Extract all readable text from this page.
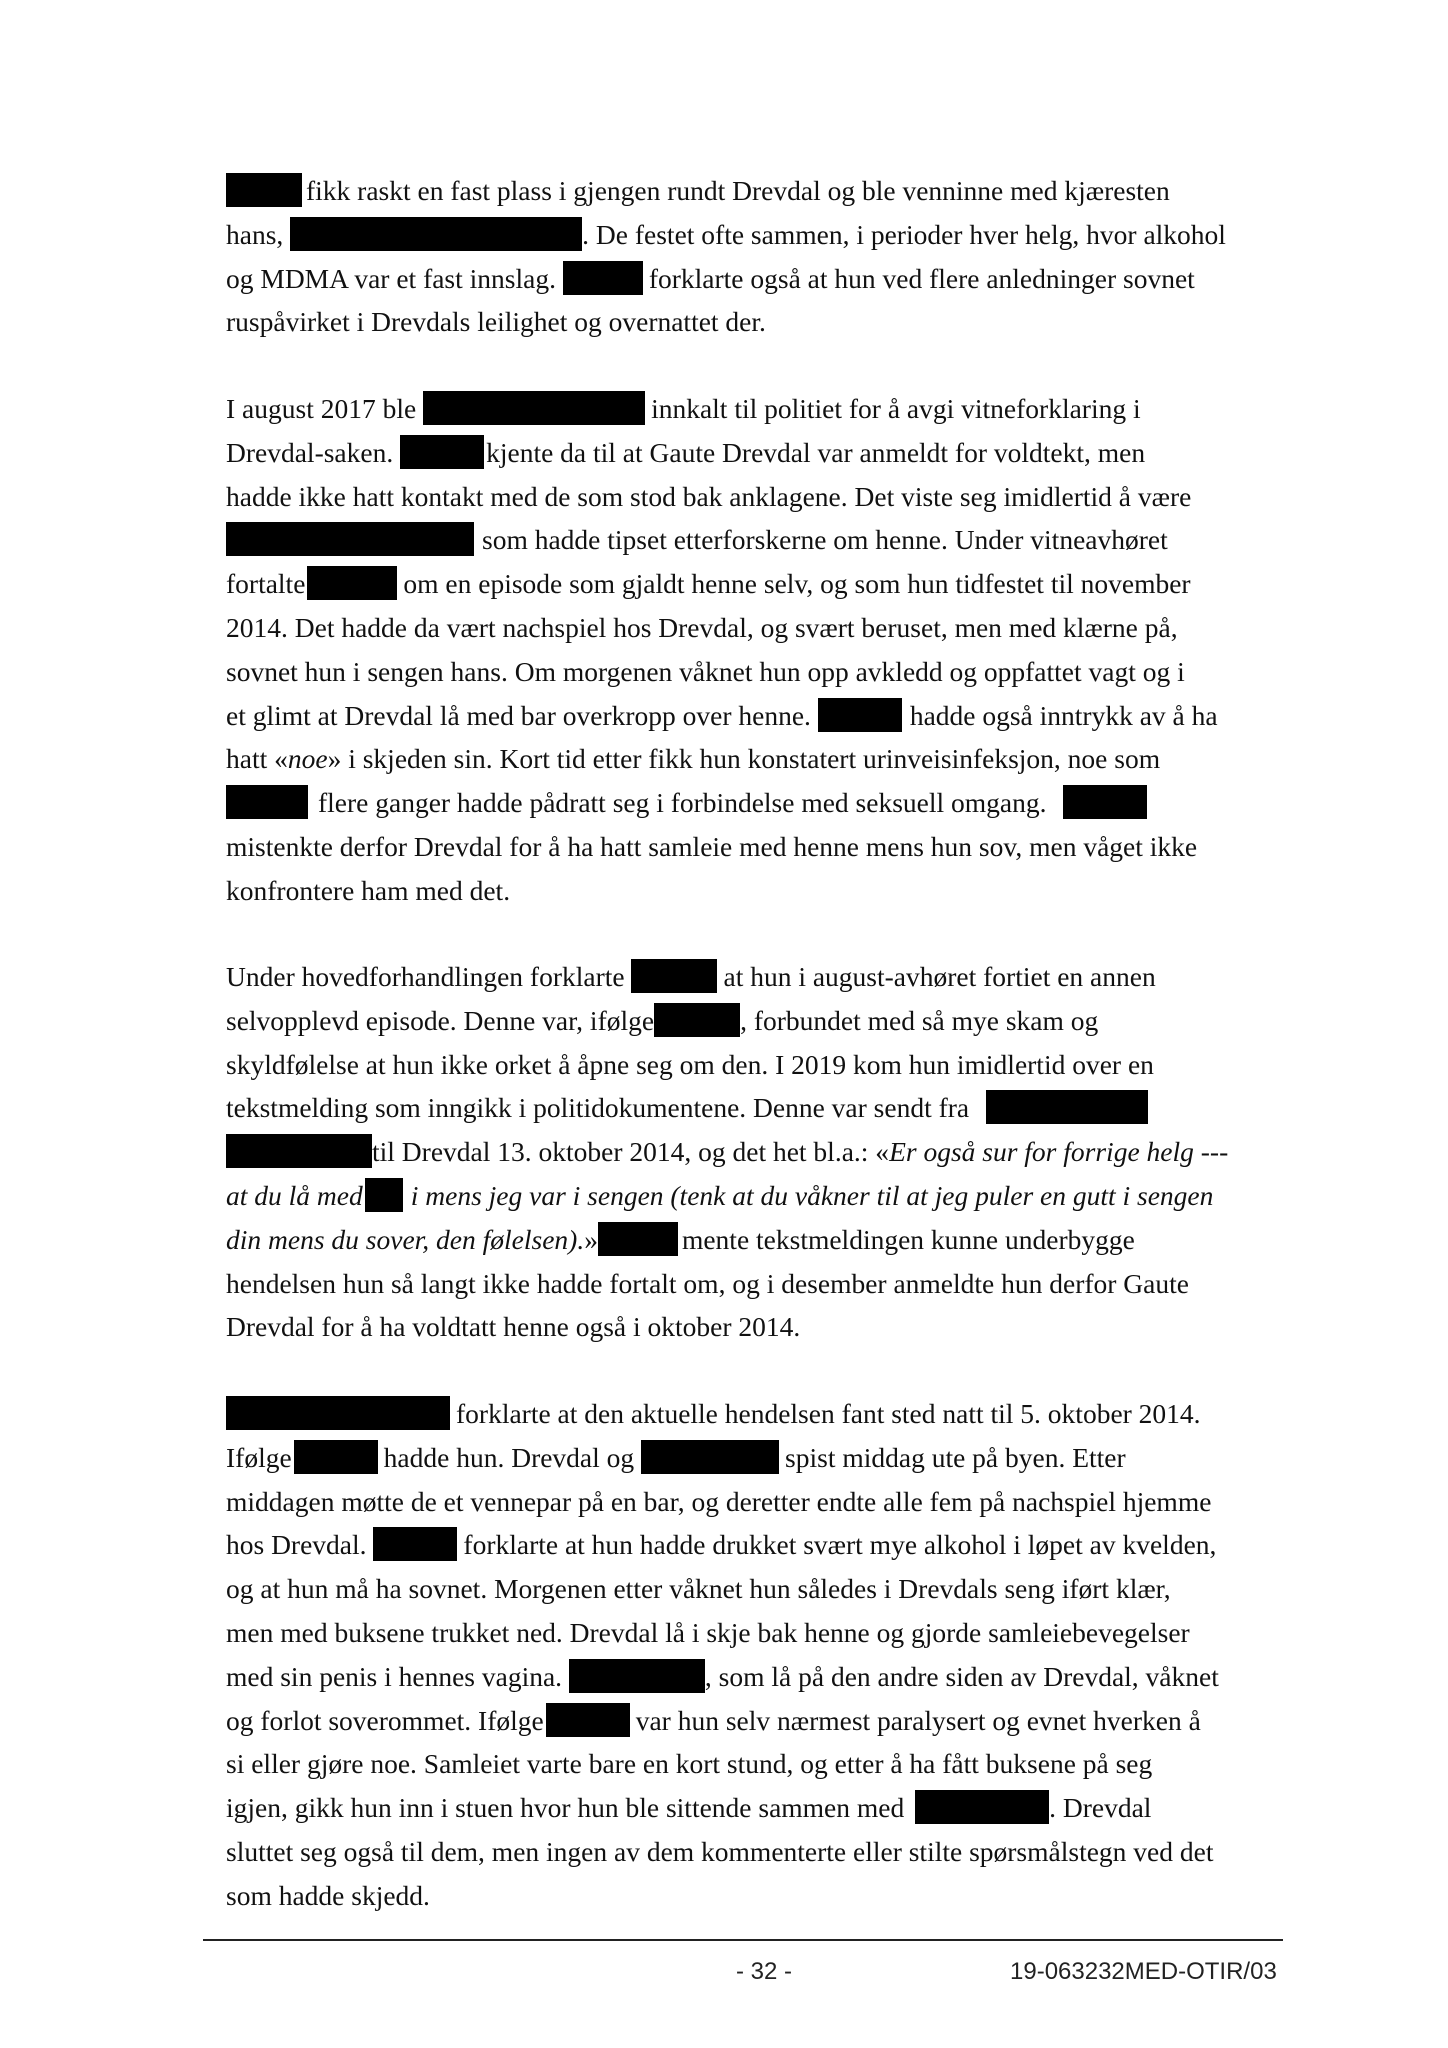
fikk raskt en fast plass i gjengen rundt Drevdal og ble venninne med kjæresten
hans,	. De festet ofte sammen, i perioder hver helg, hvor alkohol
og MDMA var et fast innslag.	forklarte også at hun ved flere anledninger sovnet
ruspåvirket i Drevdals leilighet og overnattet der.
I august 2017 ble	innkalt til politiet for å avgi vitneforklaring i
Drevdal-saken.	kjente da til at Gaute Drevdal var anmeldt for voldtekt, men
hadde ikke hatt kontakt med de som stod bak anklagene. Det viste seg imidlertid å være
som hadde tipset etterforskerne om henne. Under vitneavhøret
fortalte	om en episode som gjaldt henne selv, og som hun tidfestet til november
2014. Det hadde da vært nachspiel hos Drevdal, og svært beruset, men med klærne på,
sovnet hun i sengen hans. Om morgenen våknet hun opp avkledd og oppfattet vagt og i
et glimt at Drevdal lå med bar overkropp over henne.	hadde også inntrykk av å ha
hatt «noe» i skjeden sin. Kort tid etter fikk hun konstatert urinveisinfeksjon, noe som
flere ganger hadde pådratt seg i forbindelse med seksuell omgang.
mistenkte derfor Drevdal for å ha hatt samleie med henne mens hun sov, men våget ikke
konfrontere ham med det.
Under hovedforhandlingen forklarte	at hun i august-avhøret fortiet en annen
selvopplevd episode. Denne var, ifølge	, forbundet med så mye skam og
skyldfølelse at hun ikke orket å åpne seg om den. I 2019 kom hun imidlertid over en
tekstmelding som inngikk i politidokumentene. Denne var sendt fra
til Drevdal 13. oktober 2014, og det het bl.a.: «Er også sur for forrige helg ---
at du lå med i mens jeg var i sengen (tenk at du våkner til at jeg puler en gutt i sengen
din mens du sover, den følelsen).»	mente tekstmeldingen kunne underbygge
hendelsen hun så langt ikke hadde fortalt om, og i desember anmeldte hun derfor Gaute
Drevdal for å ha voldtatt henne også i oktober 2014.
forklarte at den aktuelle hendelsen fant sted natt til 5. oktober 2014.
Ifølge	hadde hun. Drevdal og	spist middag ute på byen. Etter
middagen møtte de et vennepar på en bar, og deretter endte alle fem på nachspiel hjemme
hos Drevdal.	forklarte at hun hadde drukket svært mye alkohol i løpet av kvelden,
og at hun må ha sovnet. Morgenen etter våknet hun således i Drevdals seng iført klær,
men med buksene trukket ned. Drevdal lå i skje bak henne og gjorde samleiebevegelser
med sin penis i hennes vagina.	, som lå på den andre siden av Drevdal, våknet
og forlot soverommet. Ifølge	var hun selv nærmest paralysert og evnet hverken å
si eller gjøre noe. Samleiet varte bare en kort stund, og etter å ha fått buksene på seg
igjen, gikk hun inn i stuen hvor hun ble sittende sammen med	. Drevdal
sluttet seg også til dem, men ingen av dem kommenterte eller stilte spørsmålstegn ved det
som hadde skjedd.
- 32 -	19-063232MED-OTIR/03
